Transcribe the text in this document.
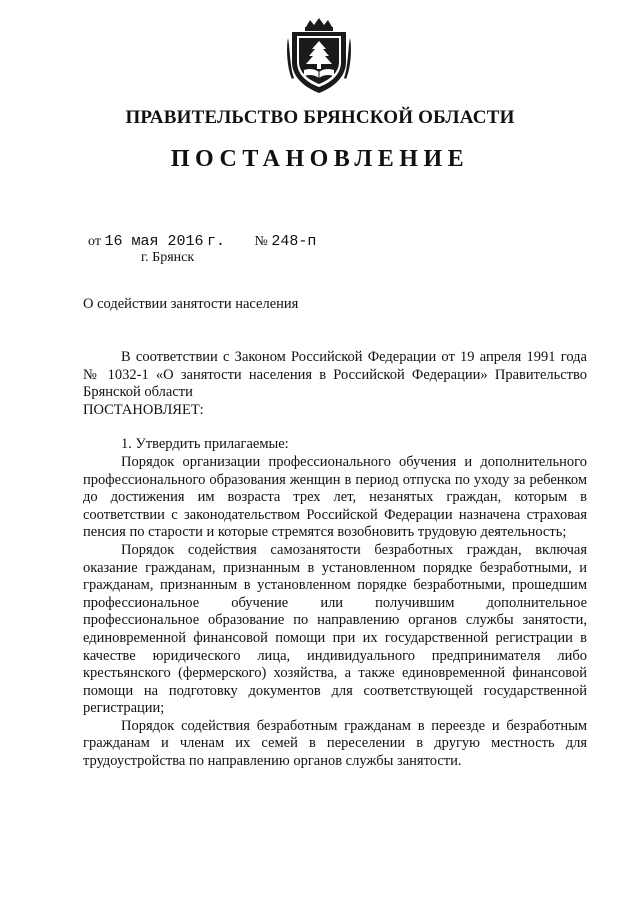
ПРАВИТЕЛЬСТВО БРЯНСКОЙ ОБЛАСТИ
ПОСТАНОВЛЕНИЕ
от 16 мая 2016 г. № 248-п
г. Брянск
О содействии занятости населения

В соответствии с Законом Российской Федерации от 19 апреля 1991 года № 1032-1 «О занятости населения в Российской Федерации» Правительство Брянской области

ПОСТАНОВЛЯЕТ:

1. Утвердить прилагаемые:

Порядок организации профессионального обучения и дополнительного профессионального образования женщин в период отпуска по уходу за ребенком до достижения им возраста трех лет, незанятых граждан, которым в соответствии с законодательством Российской Федерации назначена страховая пенсия по старости и которые стремятся возобновить трудовую деятельность;

Порядок содействия самозанятости безработных граждан, включая оказание гражданам, признанным в установленном порядке безработными, и гражданам, признанным в установленном порядке безработными, прошедшим профессиональное обучение или получившим дополнительное профессиональное образование по направлению органов службы занятости, единовременной финансовой помощи при их государственной регистрации в качестве юридического лица, индивидуального предпринимателя либо крестьянского (фермерского) хозяйства, а также единовременной финансовой помощи на подготовку документов для соответствующей государственной регистрации;

Порядок содействия безработным гражданам в переезде и безработным гражданам и членам их семей в переселении в другую местность для трудоустройства по направлению органов службы занятости.
